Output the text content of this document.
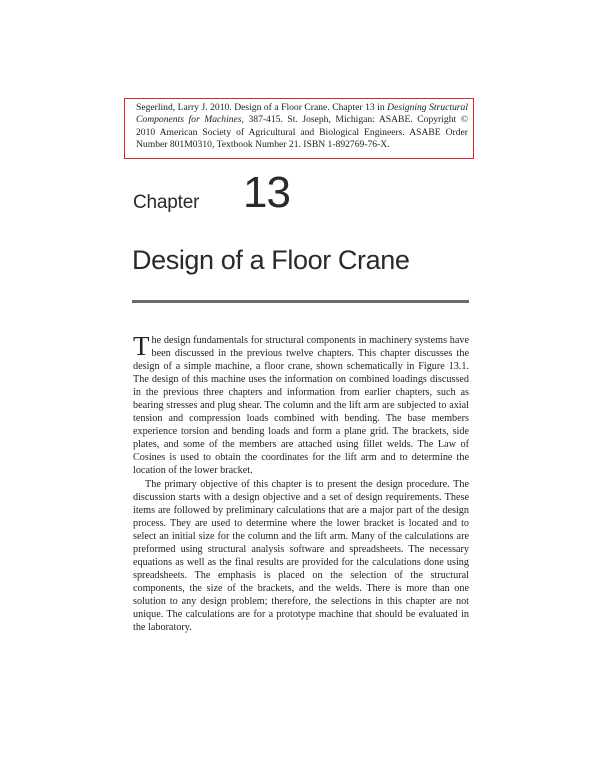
Segerlind, Larry J. 2010. Design of a Floor Crane. Chapter 13 in Designing Structural Components for Machines, 387-415. St. Joseph, Michigan: ASABE. Copyright © 2010 American Society of Agricultural and Biological Engineers. ASABE Order Number 801M0310, Textbook Number 21. ISBN 1-892769-76-X.
Chapter 13
Design of a Floor Crane

The design fundamentals for structural components in machinery systems have been discussed in the previous twelve chapters. This chapter discusses the design of a simple machine, a floor crane, shown schematically in Figure 13.1. The design of this machine uses the information on combined loadings discussed in the previous three chapters and information from earlier chapters, such as bearing stresses and plug shear. The column and the lift arm are subjected to axial tension and compression loads combined with bending. The base members experience torsion and bending loads and form a plane grid. The brackets, side plates, and some of the members are attached using fillet welds. The Law of Cosines is used to obtain the coordinates for the lift arm and to determine the location of the lower bracket.

The primary objective of this chapter is to present the design procedure. The discussion starts with a design objective and a set of design requirements. These items are followed by preliminary calculations that are a major part of the design process. They are used to determine where the lower bracket is located and to select an initial size for the column and the lift arm. Many of the calculations are preformed using structural analysis software and spreadsheets. The necessary equations as well as the final results are provided for the calculations done using spreadsheets. The emphasis is placed on the selection of the structural components, the size of the brackets, and the welds. There is more than one solution to any design problem; therefore, the selections in this chapter are not unique. The calculations are for a prototype machine that should be evaluated in the laboratory.
